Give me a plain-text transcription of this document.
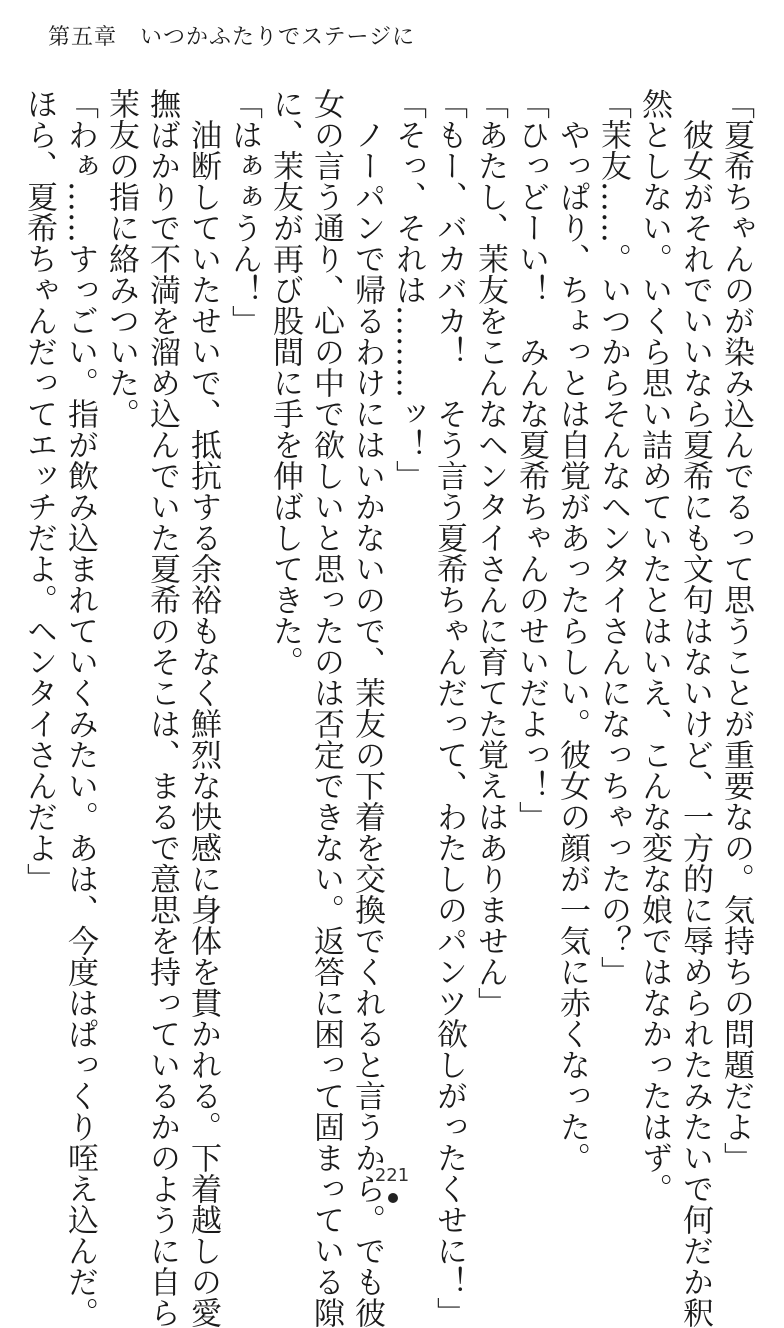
第五章　いつかふたりでステージに

「夏希ちゃんのが染み込んでるって思うことが重要なの。気持ちの問題だよ」

　彼女がそれでいいなら夏希にも文句はないけど、一方的に辱められたみたいで何だか釈

然としない。いくら思い詰めていたとはいえ、こんな変な娘ではなかったはず。

「茉友……。いつからそんなヘンタイさんになっちゃったの？」

　やっぱり、ちょっとは自覚があったらしい。彼女の顔が一気に赤くなった。

「ひっどーい！　みんな夏希ちゃんのせいだよっ！」

「あたし、茉友をこんなヘンタイさんに育てた覚えはありません」

「もー、バカバカ！　そう言う夏希ちゃんだって、わたしのパンツ欲しがったくせに！」

「そっ、それは………ッ！」

　ノーパンで帰るわけにはいかないので、茉友の下着を交換でくれると言うから。でも彼

女の言う通り、心の中で欲しいと思ったのは否定できない。返答に困って固まっている隙

に、茉友が再び股間に手を伸ばしてきた。

「はぁぁうん！」

　油断していたせいで、抵抗する余裕もなく鮮烈な快感に身体を貫かれる。下着越しの愛

撫ばかりで不満を溜め込んでいた夏希のそこは、まるで意思を持っているかのように自ら

茉友の指に絡みついた。

「わぁ……すっごい。指が飲み込まれていくみたい。あは、今度はぱっくり咥え込んだ。

ほら、夏希ちゃんだってエッチだよ。ヘンタイさんだよ」

221
